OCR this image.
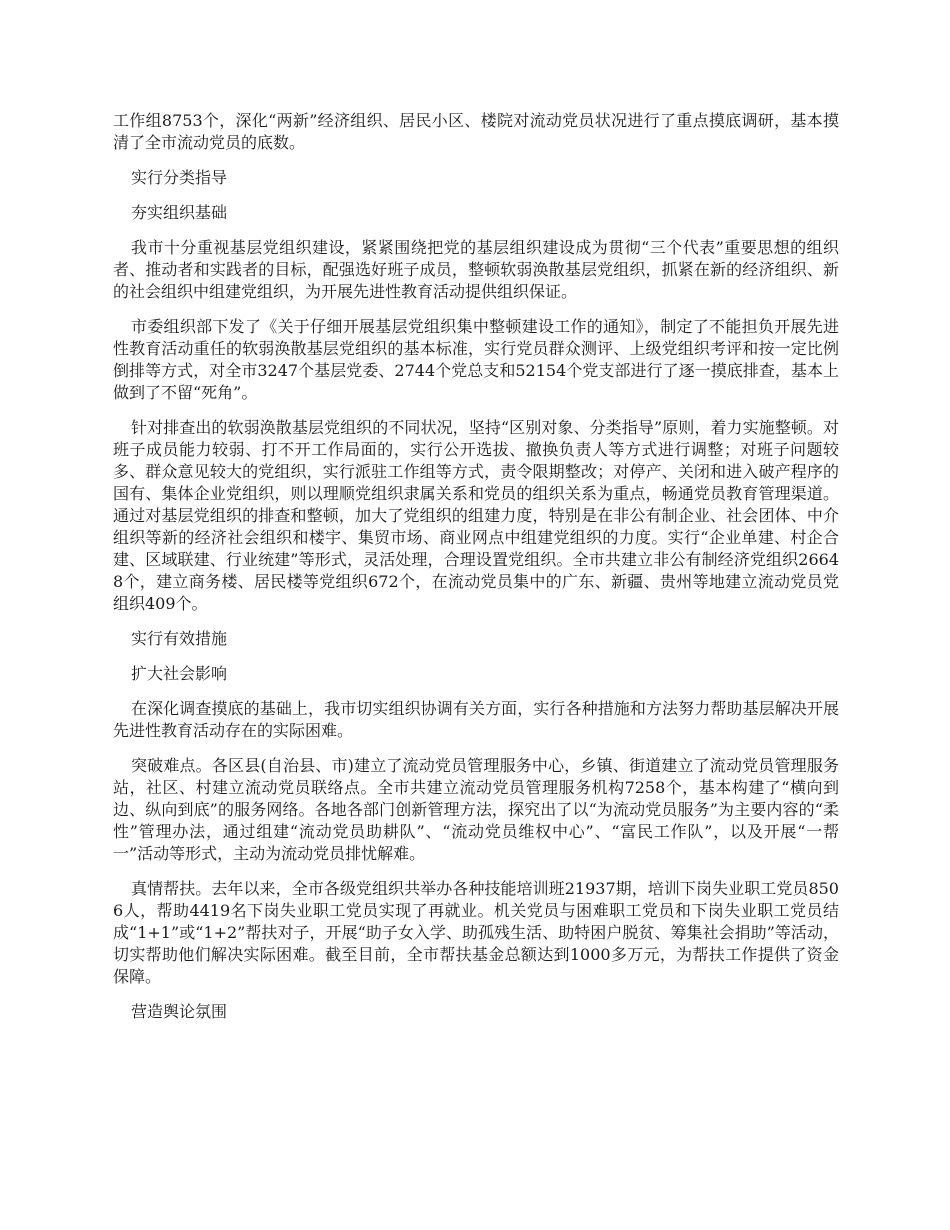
工作组8753个，深化“两新”经济组织、居民小区、楼院对流动党员状况进行了重点摸底调研，基本摸清了全市流动党员的底数。

实行分类指导

夯实组织基础

我市十分重视基层党组织建设，紧紧围绕把党的基层组织建设成为贯彻“三个代表”重要思想的组织者、推动者和实践者的目标，配强选好班子成员，整顿软弱涣散基层党组织，抓紧在新的经济组织、新的社会组织中组建党组织，为开展先进性教育活动提供组织保证。

市委组织部下发了《关于仔细开展基层党组织集中整顿建设工作的通知》，制定了不能担负开展先进性教育活动重任的软弱涣散基层党组织的基本标准，实行党员群众测评、上级党组织考评和按一定比例倒排等方式，对全市3247个基层党委、2744个党总支和52154个党支部进行了逐一摸底排查，基本上做到了不留“死角”。

针对排查出的软弱涣散基层党组织的不同状况，坚持“区别对象、分类指导”原则，着力实施整顿。对班子成员能力较弱、打不开工作局面的，实行公开选拔、撤换负责人等方式进行调整；对班子问题较多、群众意见较大的党组织，实行派驻工作组等方式，责令限期整改；对停产、关闭和进入破产程序的国有、集体企业党组织，则以理顺党组织隶属关系和党员的组织关系为重点，畅通党员教育管理渠道。通过对基层党组织的排查和整顿，加大了党组织的组建力度，特别是在非公有制企业、社会团体、中介组织等新的经济社会组织和楼宇、集贸市场、商业网点中组建党组织的力度。实行“企业单建、村企合建、区域联建、行业统建”等形式，灵活处理，合理设置党组织。全市共建立非公有制经济党组织26648个，建立商务楼、居民楼等党组织672个，在流动党员集中的广东、新疆、贵州等地建立流动党员党组织409个。

实行有效措施

扩大社会影响

在深化调查摸底的基础上，我市切实组织协调有关方面，实行各种措施和方法努力帮助基层解决开展先进性教育活动存在的实际困难。

突破难点。各区县(自治县、市)建立了流动党员管理服务中心，乡镇、街道建立了流动党员管理服务站，社区、村建立流动党员联络点。全市共建立流动党员管理服务机构7258个，基本构建了“横向到边、纵向到底”的服务网络。各地各部门创新管理方法，探究出了以“为流动党员服务”为主要内容的“柔性”管理办法，通过组建“流动党员助耕队”、“流动党员维权中心”、“富民工作队”，以及开展“一帮一”活动等形式，主动为流动党员排忧解难。

真情帮扶。去年以来，全市各级党组织共举办各种技能培训班21937期，培训下岗失业职工党员8506人，帮助4419名下岗失业职工党员实现了再就业。机关党员与困难职工党员和下岗失业职工党员结成“1+1”或“1+2”帮扶对子，开展“助子女入学、助孤残生活、助特困户脱贫、筹集社会捐助”等活动，切实帮助他们解决实际困难。截至目前，全市帮扶基金总额达到1000多万元，为帮扶工作提供了资金保障。

营造舆论氛围
